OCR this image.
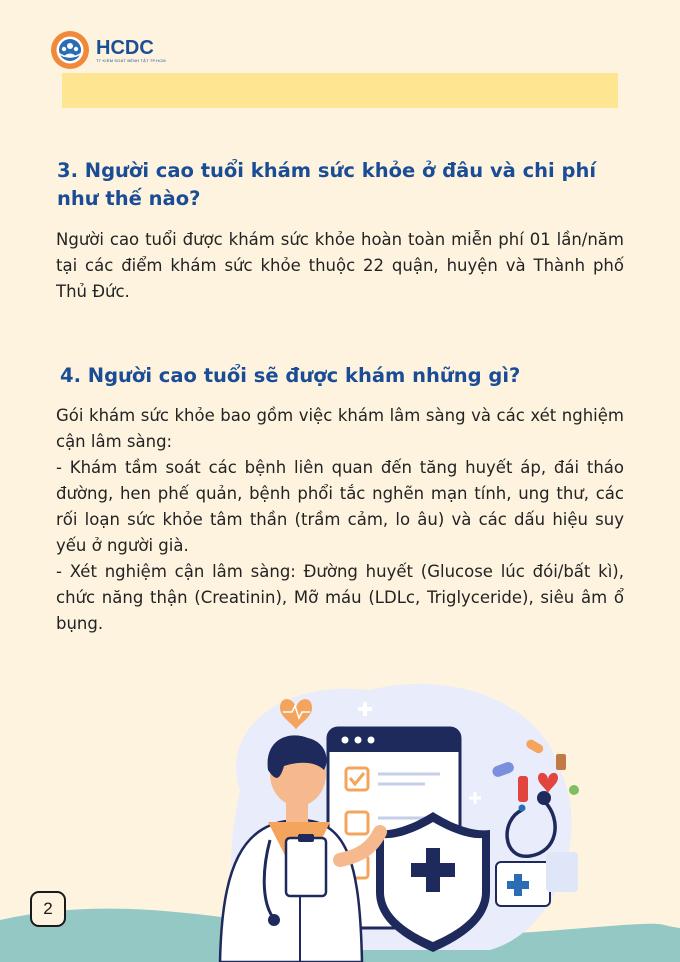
HCDC
TT KIỂM SOÁT BỆNH TẬT TP.HCM
3. Người cao tuổi khám sức khỏe ở đâu và chi phí như thế nào?

Người cao tuổi được khám sức khỏe hoàn toàn miễn phí 01 lần/năm tại các điểm khám sức khỏe thuộc 22 quận, huyện và Thành phố Thủ Đức.

4. Người cao tuổi sẽ được khám những gì?
Gói khám sức khỏe bao gồm việc khám lâm sàng và các xét nghiệm cận lâm sàng:
- Khám tầm soát các bệnh liên quan đến tăng huyết áp, đái tháo đường, hen phế quản, bệnh phổi tắc nghẽn mạn tính, ung thư, các rối loạn sức khỏe tâm thần (trầm cảm, lo âu) và các dấu hiệu suy yếu ở người già.
- Xét nghiệm cận lâm sàng: Đường huyết (Glucose lúc đói/bất kì), chức năng thận (Creatinin), Mỡ máu (LDLc, Triglyceride), siêu âm ổ bụng.
2
